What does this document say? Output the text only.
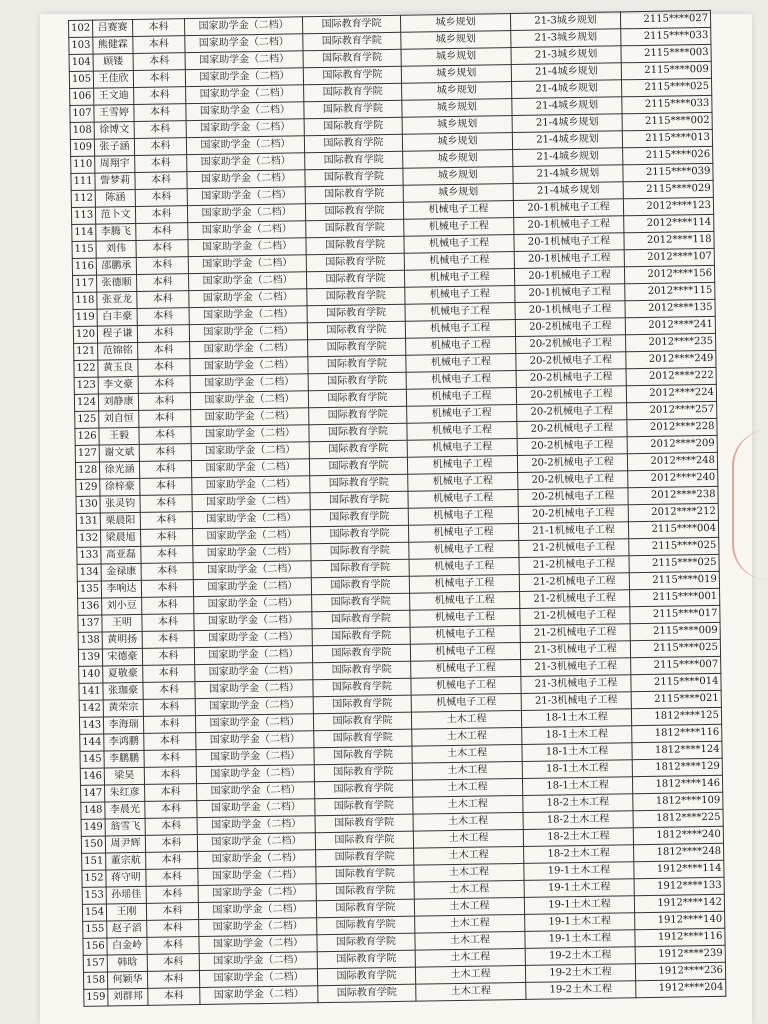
102	吕赛赛	本科	国家助学金（二档）	国际教育学院	城乡规划	21-3城乡规划	2115****027
103	熊健霖	本科	国家助学金（二档）	国际教育学院	城乡规划	21-3城乡规划	2115****033
104	顾镂	本科	国家助学金（二档）	国际教育学院	城乡规划	21-3城乡规划	2115****003
105	王佳欣	本科	国家助学金（二档）	国际教育学院	城乡规划	21-4城乡规划	2115****009
106	王文迪	本科	国家助学金（二档）	国际教育学院	城乡规划	21-4城乡规划	2115****025
107	王雪婷	本科	国家助学金（二档）	国际教育学院	城乡规划	21-4城乡规划	2115****033
108	徐博文	本科	国家助学金（二档）	国际教育学院	城乡规划	21-4城乡规划	2115****002
109	张子涵	本科	国家助学金（二档）	国际教育学院	城乡规划	21-4城乡规划	2115****013
110	周翔宇	本科	国家助学金（二档）	国际教育学院	城乡规划	21-4城乡规划	2115****026
111	訾梦莉	本科	国家助学金（二档）	国际教育学院	城乡规划	21-4城乡规划	2115****039
112	陈涵	本科	国家助学金（二档）	国际教育学院	城乡规划	21-4城乡规划	2115****029
113	范卜文	本科	国家助学金（二档）	国际教育学院	机械电子工程	20-1机械电子工程	2012****123
114	李腾飞	本科	国家助学金（二档）	国际教育学院	机械电子工程	20-1机械电子工程	2012****114
115	刘伟	本科	国家助学金（二档）	国际教育学院	机械电子工程	20-1机械电子工程	2012****118
116	邵鹏承	本科	国家助学金（二档）	国际教育学院	机械电子工程	20-1机械电子工程	2012****107
117	张德顺	本科	国家助学金（二档）	国际教育学院	机械电子工程	20-1机械电子工程	2012****156
118	张亚龙	本科	国家助学金（二档）	国际教育学院	机械电子工程	20-1机械电子工程	2012****115
119	白丰豪	本科	国家助学金（二档）	国际教育学院	机械电子工程	20-1机械电子工程	2012****135
120	程子谦	本科	国家助学金（二档）	国际教育学院	机械电子工程	20-2机械电子工程	2012****241
121	范锦铭	本科	国家助学金（二档）	国际教育学院	机械电子工程	20-2机械电子工程	2012****235
122	黄玉良	本科	国家助学金（二档）	国际教育学院	机械电子工程	20-2机械电子工程	2012****249
123	李文豪	本科	国家助学金（二档）	国际教育学院	机械电子工程	20-2机械电子工程	2012****222
124	刘静康	本科	国家助学金（二档）	国际教育学院	机械电子工程	20-2机械电子工程	2012****224
125	刘自恒	本科	国家助学金（二档）	国际教育学院	机械电子工程	20-2机械电子工程	2012****257
126	王毅	本科	国家助学金（二档）	国际教育学院	机械电子工程	20-2机械电子工程	2012****228
127	谢文斌	本科	国家助学金（二档）	国际教育学院	机械电子工程	20-2机械电子工程	2012****209
128	徐光涵	本科	国家助学金（二档）	国际教育学院	机械电子工程	20-2机械电子工程	2012****248
129	徐梓豪	本科	国家助学金（二档）	国际教育学院	机械电子工程	20-2机械电子工程	2012****240
130	张灵钧	本科	国家助学金（二档）	国际教育学院	机械电子工程	20-2机械电子工程	2012****238
131	栗晨阳	本科	国家助学金（二档）	国际教育学院	机械电子工程	20-2机械电子工程	2012****212
132	梁晨旭	本科	国家助学金（二档）	国际教育学院	机械电子工程	21-1机械电子工程	2115****004
133	高亚磊	本科	国家助学金（二档）	国际教育学院	机械电子工程	21-2机械电子工程	2115****025
134	金禄康	本科	国家助学金（二档）	国际教育学院	机械电子工程	21-2机械电子工程	2115****025
135	李响达	本科	国家助学金（二档）	国际教育学院	机械电子工程	21-2机械电子工程	2115****019
136	刘小豆	本科	国家助学金（二档）	国际教育学院	机械电子工程	21-2机械电子工程	2115****001
137	王明	本科	国家助学金（二档）	国际教育学院	机械电子工程	21-2机械电子工程	2115****017
138	黄明扬	本科	国家助学金（二档）	国际教育学院	机械电子工程	21-2机械电子工程	2115****009
139	宋德豪	本科	国家助学金（二档）	国际教育学院	机械电子工程	21-3机械电子工程	2115****025
140	夏敬豪	本科	国家助学金（二档）	国际教育学院	机械电子工程	21-3机械电子工程	2115****007
141	张珈豪	本科	国家助学金（二档）	国际教育学院	机械电子工程	21-3机械电子工程	2115****014
142	黄荣宗	本科	国家助学金（二档）	国际教育学院	机械电子工程	21-3机械电子工程	2115****021
143	李海瑞	本科	国家助学金（二档）	国际教育学院	土木工程	18-1土木工程	1812****125
144	李鸿鹏	本科	国家助学金（二档）	国际教育学院	土木工程	18-1土木工程	1812****116
145	李鹏鹏	本科	国家助学金（二档）	国际教育学院	土木工程	18-1土木工程	1812****124
146	梁昊	本科	国家助学金（二档）	国际教育学院	土木工程	18-1土木工程	1812****129
147	朱红彦	本科	国家助学金（二档）	国际教育学院	土木工程	18-1土木工程	1812****146
148	李晨光	本科	国家助学金（二档）	国际教育学院	土木工程	18-2土木工程	1812****109
149	翁雪飞	本科	国家助学金（二档）	国际教育学院	土木工程	18-2土木工程	1812****225
150	周尹辉	本科	国家助学金（二档）	国际教育学院	土木工程	18-2土木工程	1812****240
151	董宗航	本科	国家助学金（二档）	国际教育学院	土木工程	18-2土木工程	1812****248
152	蒋守明	本科	国家助学金（二档）	国际教育学院	土木工程	19-1土木工程	1912****114
153	孙瑶佳	本科	国家助学金（二档）	国际教育学院	土木工程	19-1土木工程	1912****133
154	王刚	本科	国家助学金（二档）	国际教育学院	土木工程	19-1土木工程	1912****142
155	赵子滔	本科	国家助学金（二档）	国际教育学院	土木工程	19-1土木工程	1912****140
156	白金岭	本科	国家助学金（二档）	国际教育学院	土木工程	19-1土木工程	1912****116
157	韩晗	本科	国家助学金（二档）	国际教育学院	土木工程	19-2土木工程	1912****239
158	何颖华	本科	国家助学金（二档）	国际教育学院	土木工程	19-2土木工程	1912****236
159	刘群邦	本科	国家助学金（二档）	国际教育学院	土木工程	19-2土木工程	1912****204
